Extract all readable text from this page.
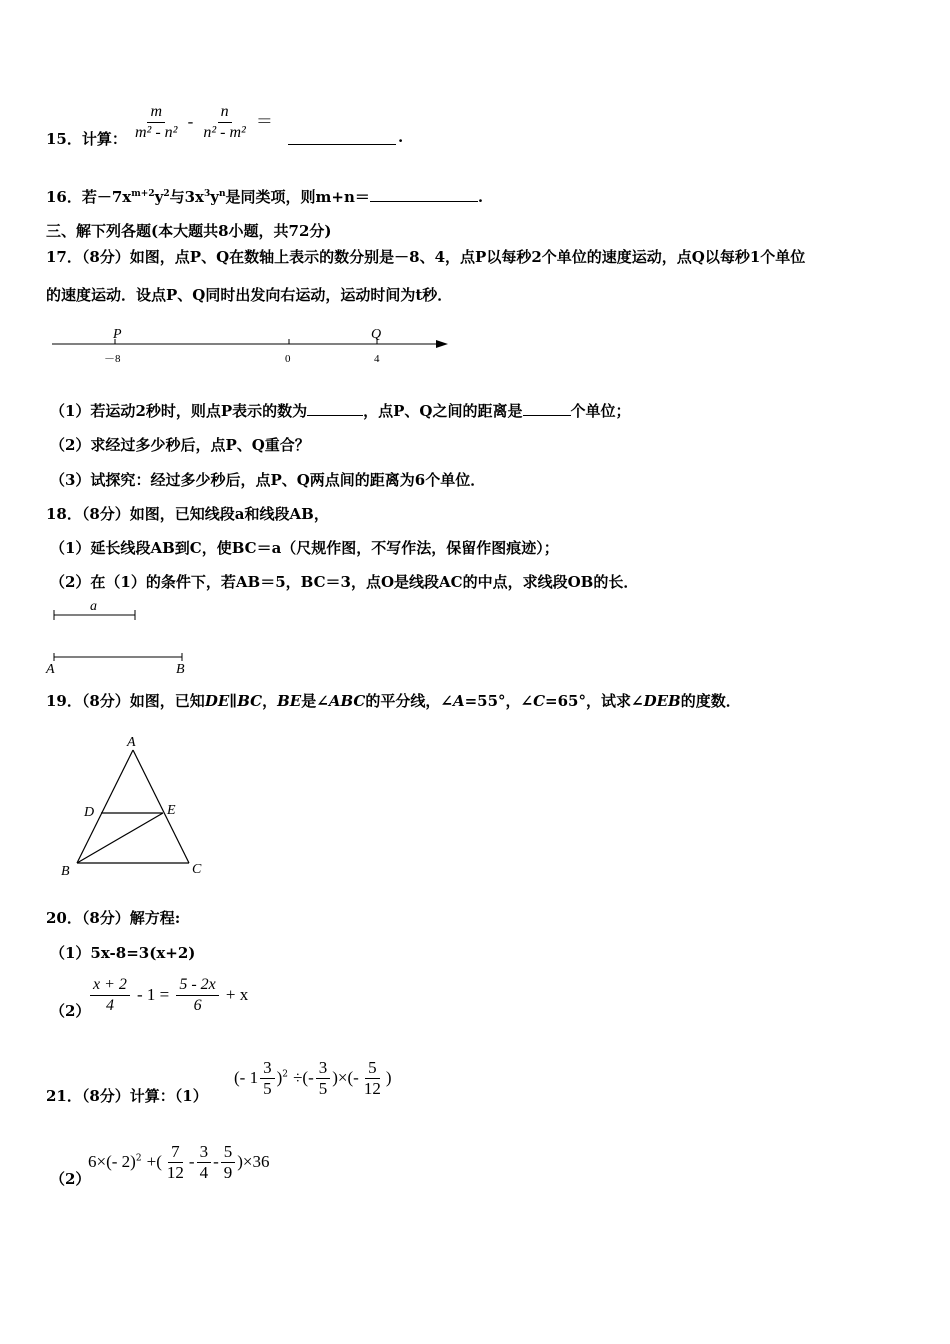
15．计算： $\frac{m}{\text{m² - n²}} - \frac{n}{\text{n² - m²}}$ ＝
.
16．若$-7x^{m+2}y^2$与$3x^3y^n$是同类项，则m+n＝	.
三、解下列各题(本大题共8小题，共72分)
17．（8分）如图，点P、Q在数轴上表示的数分别是－8、4，点P以每秒2个单位的速度运动，点Q以每秒1个单位
的速度运动．设点P、Q同时出发向右运动，运动时间为t秒．
P	Q
－8	0	4
（1）若运动2秒时，则点P表示的数为	，点P、Q之间的距离是	个单位；
（2）求经过多少秒后，点P、Q重合？
（3）试探究：经过多少秒后，点P、Q两点间的距离为6个单位．
18．（8分）如图，已知线段a和线段AB，
（1）延长线段AB到C，使BC＝a（尺规作图，不写作法，保留作图痕迹）；
（2）在（1）的条件下，若AB＝5，BC＝3，点O是线段AC的中点，求线段OB的长．
a
A	B
19．（8分）如图，已知DE∥BC，BE是∠ABC的平分线，∠A=55°，∠C=65°，试求∠DEB的度数．
A
D	E
B	C
20．（8分）解方程:
（1）5x-8=3(x+2)
$(2) \frac{x + 2}{4} - 1 = \frac{5 - 2x}{6} + x$
21．（8分）计算：（1）
(- $1 \frac{3}{5} )^2$ ÷(- $\frac{3}{5}$ )×(- $\frac{5}{12}$ )
（2）
6×(- 2)$^2$ +( $\frac{7}{12} - \frac{3}{4} - \frac{5}{9} )\times 36$
